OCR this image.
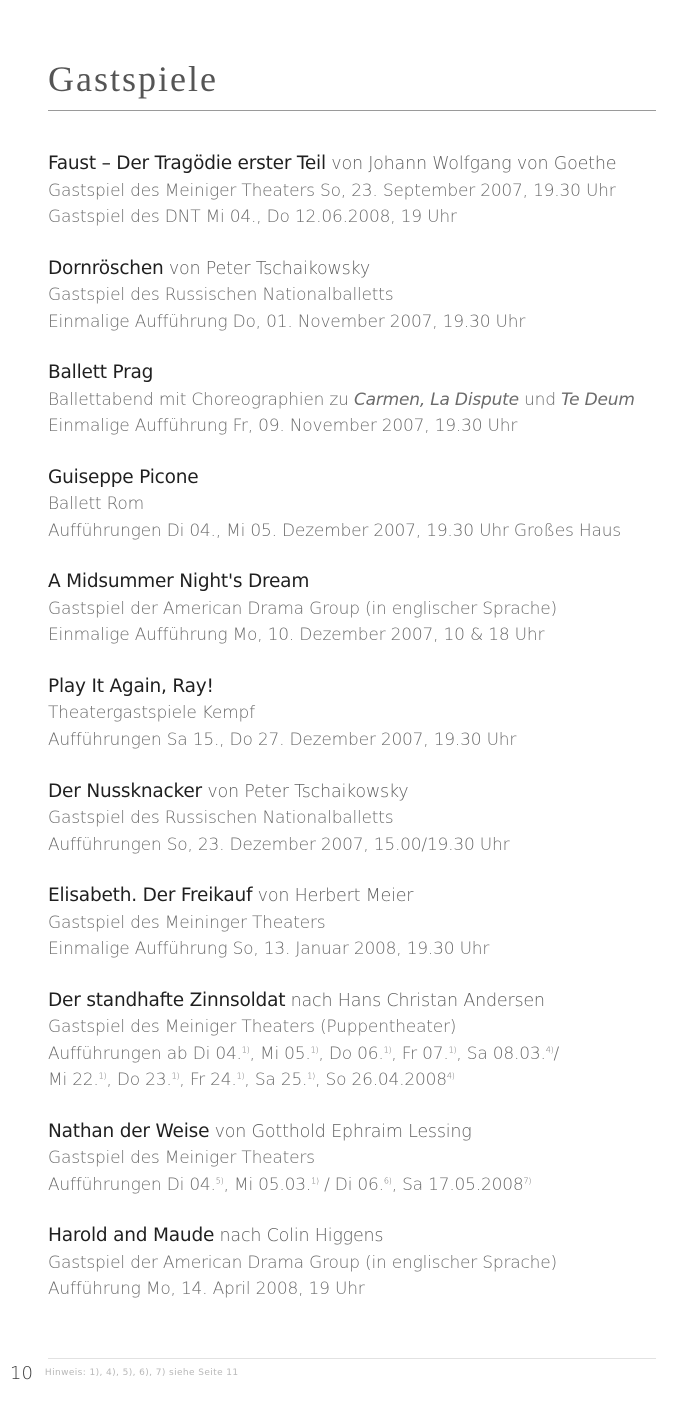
Gastspiele
Faust – Der Tragödie erster Teil von Johann Wolfgang von Goethe
Gastspiel des Meiniger Theaters So, 23. September 2007, 19.30 Uhr
Gastspiel des DNT Mi 04., Do 12.06.2008, 19 Uhr
Dornröschen von Peter Tschaikowsky
Gastspiel des Russischen Nationalballetts
Einmalige Aufführung Do, 01. November 2007, 19.30 Uhr
Ballett Prag
Ballettabend mit Choreographien zu Carmen, La Dispute und Te Deum
Einmalige Aufführung Fr, 09. November 2007, 19.30 Uhr
Guiseppe Picone
Ballett Rom
Aufführungen Di 04., Mi 05. Dezember 2007, 19.30 Uhr Großes Haus
A Midsummer Night's Dream
Gastspiel der American Drama Group (in englischer Sprache)
Einmalige Aufführung Mo, 10. Dezember 2007, 10 & 18 Uhr
Play It Again, Ray!
Theatergastspiele Kempf
Aufführungen Sa 15., Do 27. Dezember 2007, 19.30 Uhr
Der Nussknacker von Peter Tschaikowsky
Gastspiel des Russischen Nationalballetts
Aufführungen So, 23. Dezember 2007, 15.00/19.30 Uhr
Elisabeth. Der Freikauf von Herbert Meier
Gastspiel des Meininger Theaters
Einmalige Aufführung So, 13. Januar 2008, 19.30 Uhr
Der standhafte Zinnsoldat nach Hans Christan Andersen
Gastspiel des Meiniger Theaters (Puppentheater)
Aufführungen ab Di 04.$^{1)}$, Mi 05.$^{1)}$, Do 06.$^{1)}$, Fr 07.$^{1)}$, Sa 08.03.$^{4)}$/
Mi 22.$^{1)}$, Do 23.$^{1)}$, Fr 24.$^{1)}$, Sa 25.$^{1)}$, So 26.04.2008$^{4)}$
Nathan der Weise von Gotthold Ephraim Lessing
Gastspiel des Meiniger Theaters
Aufführungen Di 04.$^{5)}$, Mi 05.03.$^{1)}$ / Di 06.$^{6)}$, Sa 17.05.2008$^{7)}$
Harold and Maude nach Colin Higgens
Gastspiel der American Drama Group (in englischer Sprache)
Aufführung Mo, 14. April 2008, 19 Uhr
10 Hinweis: 1), 4), 5), 6), 7) siehe Seite 11
